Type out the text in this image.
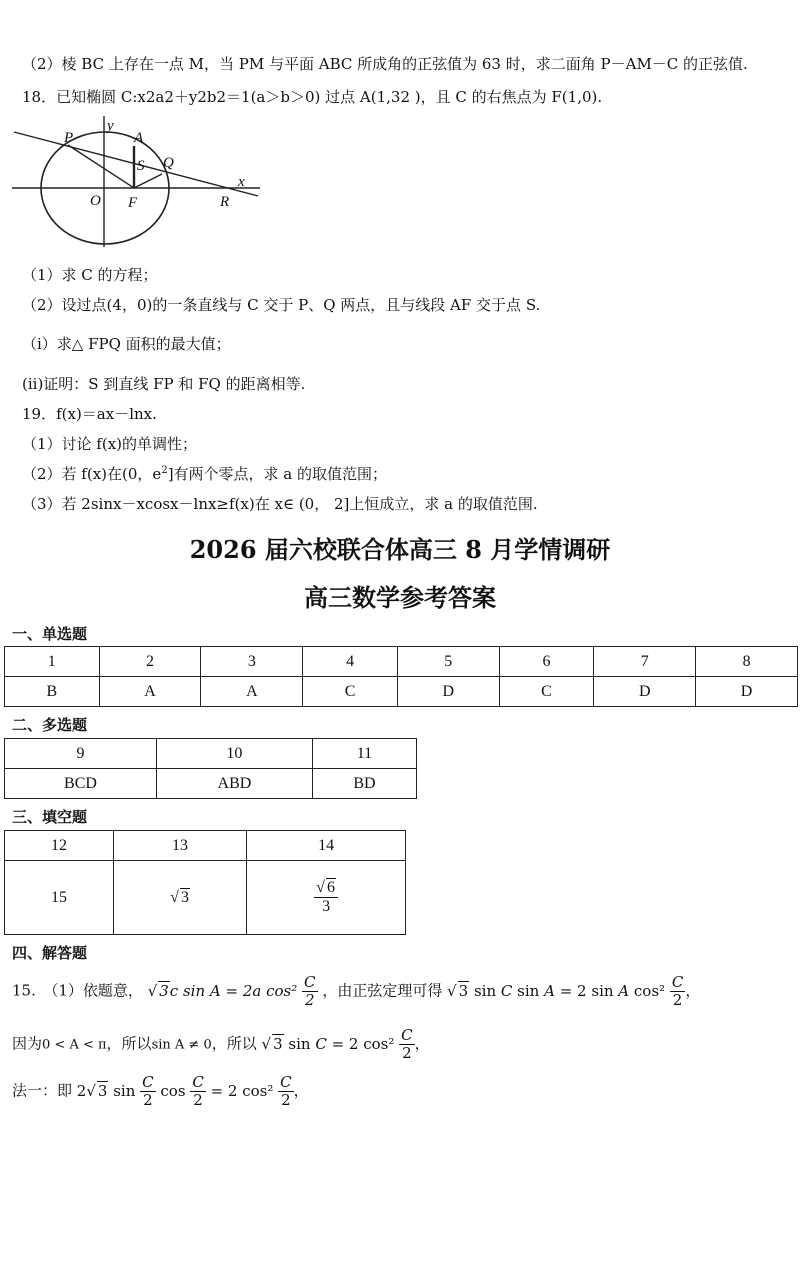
（2）棱 BC 上存在一点 M，当 PM 与平面 ABC 所成角的正弦值为 63 时，求二面角 P－AM－C 的正弦值.
18．已知椭圆 C:x2a2＋y2b2＝1(a＞b＞0) 过点 A(1,32 )，且 C 的右焦点为 F(1,0).
P
y
A
S Q
x
O F	R
（1）求 C 的方程；
（2）设过点(4，0)的一条直线与 C 交于 P、Q 两点，且与线段 AF 交于点 S.
（i）求△ FPQ 面积的最大值；
(ii)证明：S 到直线 FP 和 FQ 的距离相等.
19．f(x)＝ax－lnx.
（1）讨论 f(x)的单调性；
（2）若 f(x)在(0，$e^2$]有两个零点，求 a 的取值范围；
（3）若 2sinx－xcosx－lnx≥f(x)在 x∈ (0， 2]上恒成立，求 a 的取值范围.
2026 届六校联合体高三 8 月学情调研
高三数学参考答案
一、单选题
1	2	3	4	5	6	7	8
B	A	A	C	D	C	D	D
二、多选题
9	10	11
BCD	ABD	BD
三、填空题
12	13	14
15	√ 3	$\frac{√ 6}{3}$
四、解答题
15.　（1）依题意， √ 3c sin A = 2a $\cos^2 \frac{C}{2}$ ，由正弦定理可得 √ 3 sin C sin A = 2 sin A $\cos^2 \frac{C}{2}$ ，
因为0 < A < π，所以sin A ≠ 0，所以 √ 3 sin C = 2 $\cos^2 \frac{C}{2}$ ，
法一：即 2√ 3 $\sin \frac{C}{2}$ $\cos \frac{C}{2} = 2$ $\cos^2 \frac{C}{2}$ ，
